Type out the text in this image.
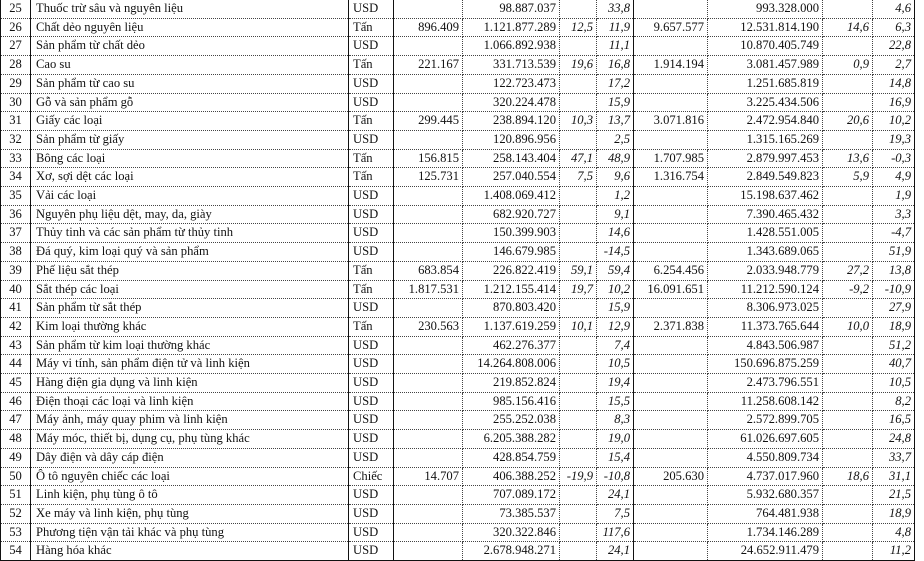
25	Thuốc trừ sâu và nguyên liệu	USD		98.887.037		33,8		993.328.000		4,6
26	Chất dẻo nguyên liệu	Tấn	896.409	1.121.877.289	12,5	11,9	9.657.577	12.531.814.190	14,6	6,3
27	Sản phẩm từ chất dẻo	USD		1.066.892.938		11,1		10.870.405.749		22,8
28	Cao su	Tấn	221.167	331.713.539	19,6	16,8	1.914.194	3.081.457.989	0,9	2,7
29	Sản phẩm từ cao su	USD		122.723.473		17,2		1.251.685.819		14,8
30	Gỗ và sản phẩm gỗ	USD		320.224.478		15,9		3.225.434.506		16,9
31	Giấy các loại	Tấn	299.445	238.894.120	10,3	13,7	3.071.816	2.472.954.840	20,6	10,2
32	Sản phẩm từ giấy	USD		120.896.956		2,5		1.315.165.269		19,3
33	Bông các loại	Tấn	156.815	258.143.404	47,1	48,9	1.707.985	2.879.997.453	13,6	-0,3
34	Xơ, sợi dệt các loại	Tấn	125.731	257.040.554	7,5	9,6	1.316.754	2.849.549.823	5,9	4,9
35	Vải các loại	USD		1.408.069.412		1,2		15.198.637.462		1,9
36	Nguyên phụ liệu dệt, may, da, giày	USD		682.920.727		9,1		7.390.465.432		3,3
37	Thủy tinh và các sản phẩm từ thủy tinh	USD		150.399.903		14,6		1.428.551.005		-4,7
38	Đá quý, kim loại quý và sản phẩm	USD		146.679.985		-14,5		1.343.689.065		51,9
39	Phế liệu sắt thép	Tấn	683.854	226.822.419	59,1	59,4	6.254.456	2.033.948.779	27,2	13,8
40	Sắt thép các loại	Tấn	1.817.531	1.212.155.414	19,7	10,2	16.091.651	11.212.590.124	-9,2	-10,9
41	Sản phẩm từ sắt thép	USD		870.803.420		15,9		8.306.973.025		27,9
42	Kim loại thường khác	Tấn	230.563	1.137.619.259	10,1	12,9	2.371.838	11.373.765.644	10,0	18,9
43	Sản phẩm từ kim loại thường khác	USD		462.276.377		7,4		4.843.506.987		51,2
44	Máy vi tính, sản phẩm điện tử và linh kiện	USD		14.264.808.006		10,5		150.696.875.259		40,7
45	Hàng điện gia dụng và linh kiện	USD		219.852.824		19,4		2.473.796.551		10,5
46	Điện thoại các loại và linh kiện	USD		985.156.416		15,5		11.258.608.142		8,2
47	Máy ảnh, máy quay phim và linh kiện	USD		255.252.038		8,3		2.572.899.705		16,5
48	Máy móc, thiết bị, dụng cụ, phụ tùng khác	USD		6.205.388.282		19,0		61.026.697.605		24,8
49	Dây điện và dây cáp điện	USD		428.854.759		15,4		4.550.809.734		33,7
50	Ô tô nguyên chiếc các loại	Chiếc	14.707	406.388.252	-19,9	-10,8	205.630	4.737.017.960	18,6	31,1
51	Linh kiện, phụ tùng ô tô	USD		707.089.172		24,1		5.932.680.357		21,5
52	Xe máy và linh kiện, phụ tùng	USD		73.385.537		7,5		764.481.938		18,9
53	Phương tiện vận tải khác và phụ tùng	USD		320.322.846		117,6		1.734.146.289		4,8
54	Hàng hóa khác	USD		2.678.948.271		24,1		24.652.911.479		11,2
